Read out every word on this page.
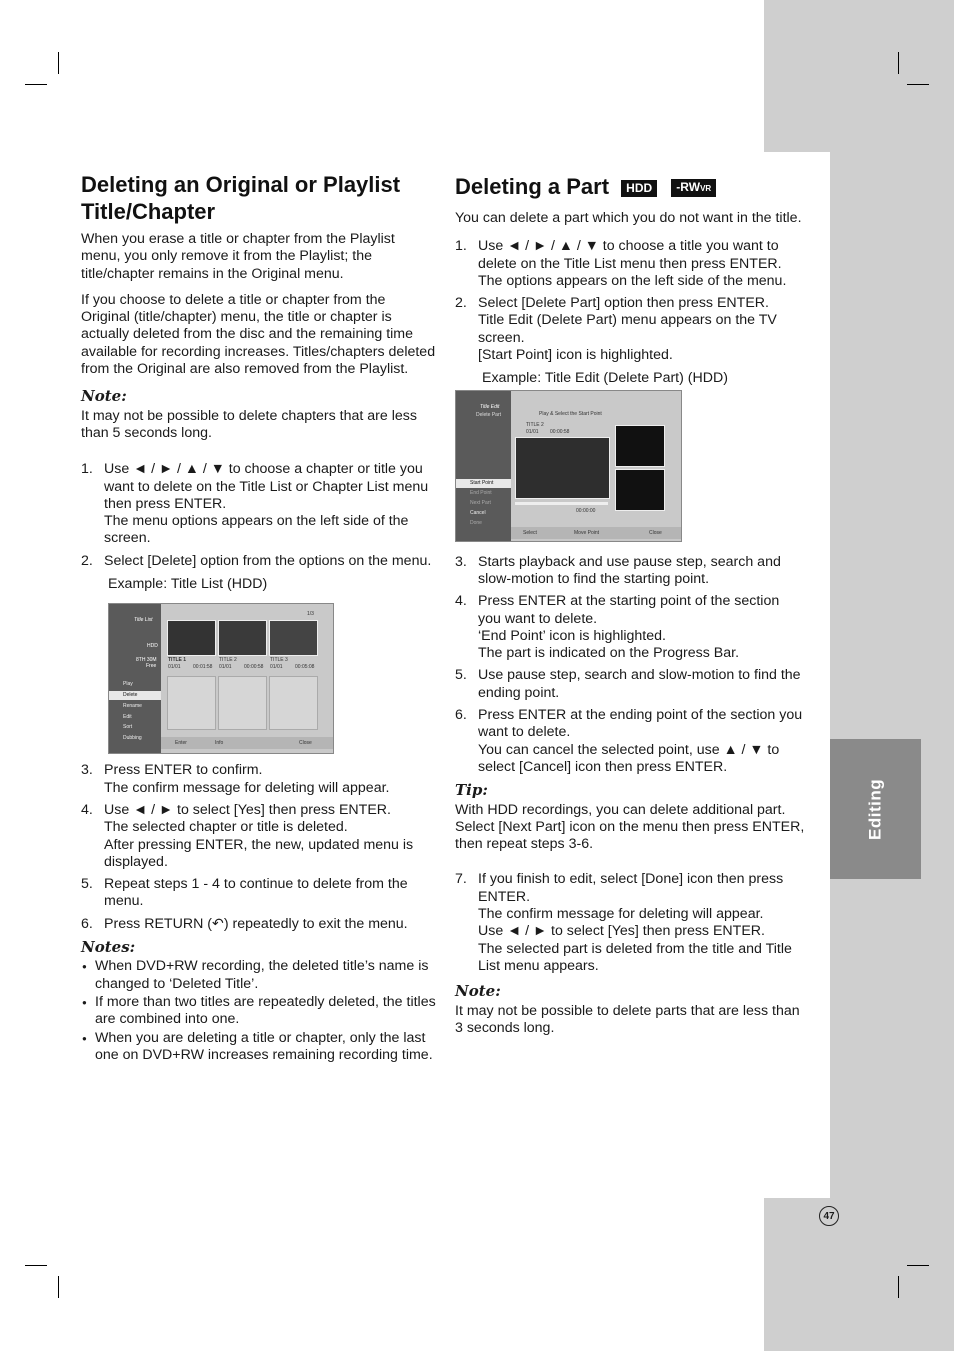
Editing
47
Deleting an Original or Playlist Title/Chapter

When you erase a title or chapter from the Playlist menu, you only remove it from the Playlist; the title/chapter remains in the Original menu.

If you choose to delete a title or chapter from the Original (title/chapter) menu, the title or chapter is actually deleted from the disc and the remaining time available for recording increases. Titles/chapters deleted from the Original are also removed from the Playlist.

Note:

It may not be possible to delete chapters that are less than 5 seconds long.

1. Use ◄ / ► / ▲ / ▼ to choose a chapter or title you want to delete on the Title List or Chapter List menu then press ENTER.
The menu options appears on the left side of the screen.
2. Select [Delete] option from the options on the menu.
Example: Title List (HDD)
Title List
1/3
HDD
8TH 30M
Free
Play
Delete
Rename
Edit
Sort
Dubbing
TITLE 1
01/01 00:01:58
TITLE 2
01/01 00:00:58
TITLE 3
01/01 00:05:08
Enter	Info	Close
3. Press ENTER to confirm.
The confirm message for deleting will appear.
4. Use ◄ / ► to select [Yes] then press ENTER.
The selected chapter or title is deleted.
After pressing ENTER, the new, updated menu is displayed.
5. Repeat steps 1 - 4 to continue to delete from the menu.
6. Press RETURN (↶) repeatedly to exit the menu.
Notes:
● When DVD+RW recording, the deleted title’s name is changed to ‘Deleted Title’.
● If more than two titles are repeatedly deleted, the titles are combined into one.
● When you are deleting a title or chapter, only the last one on DVD+RW increases remaining recording time.
Deleting a Part HDD -RWVR

You can delete a part which you do not want in the title.

1. Use ◄ / ► / ▲ / ▼ to choose a title you want to delete on the Title List menu then press ENTER.
The options appears on the left side of the menu.
2. Select [Delete Part] option then press ENTER.
Title Edit (Delete Part) menu appears on the TV screen.
[Start Point] icon is highlighted.
Example: Title Edit (Delete Part) (HDD)
Title Edit
Delete Part	Play & Select the Start Point
TITLE 2
01/01 00:00:58
00:00:00
Start Point
End Point
Next Part
Cancel
Done
Select	Move Point	Close
3. Starts playback and use pause step, search and slow-motion to find the starting point.
4. Press ENTER at the starting point of the section you want to delete.
‘End Point’ icon is highlighted.
The part is indicated on the Progress Bar.
5. Use pause step, search and slow-motion to find the ending point.
6. Press ENTER at the ending point of the section you want to delete.
You can cancel the selected point, use ▲ / ▼ to select [Cancel] icon then press ENTER.
Tip:

With HDD recordings, you can delete additional part. Select [Next Part] icon on the menu then press ENTER, then repeat steps 3-6.

7. If you finish to edit, select [Done] icon then press ENTER.
The confirm message for deleting will appear.
Use ◄ / ► to select [Yes] then press ENTER.
The selected part is deleted from the title and Title List menu appears.
Note:

It may not be possible to delete parts that are less than 3 seconds long.
